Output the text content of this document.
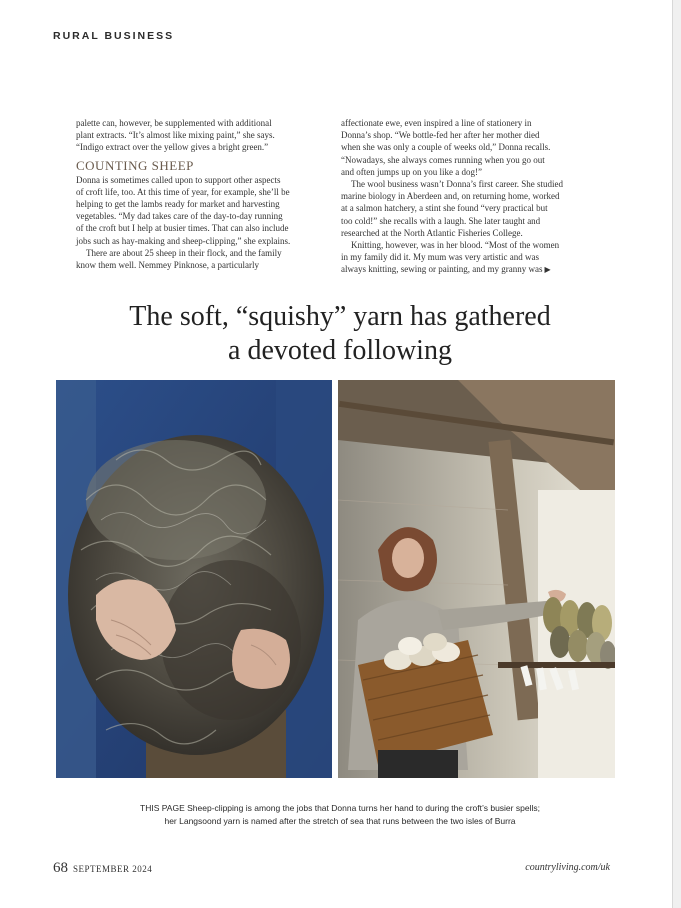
RURAL BUSINESS

palette can, however, be supplemented with additional
plant extracts. “It’s almost like mixing paint,” she says.
“Indigo extract over the yellow gives a bright green.”

COUNTING SHEEP

Donna is sometimes called upon to support other aspects
of croft life, too. At this time of year, for example, she’ll be
helping to get the lambs ready for market and harvesting
vegetables. “My dad takes care of the day-to-day running
of the croft but I help at busier times. That can also include
jobs such as hay-making and sheep-clipping,” she explains.

There are about 25 sheep in their flock, and the family
know them well. Nemmey Pinknose, a particularly

affectionate ewe, even inspired a line of stationery in
Donna’s shop. “We bottle-fed her after her mother died
when she was only a couple of weeks old,” Donna recalls.
“Nowadays, she always comes running when you go out
and often jumps up on you like a dog!”

The wool business wasn’t Donna’s first career. She studied
marine biology in Aberdeen and, on returning home, worked
at a salmon hatchery, a stint she found “very practical but
too cold!” she recalls with a laugh. She later taught and
researched at the North Atlantic Fisheries College.

Knitting, however, was in her blood. “Most of the women
in my family did it. My mum was very artistic and was
always knitting, sewing or painting, and my granny was ▶

The soft, “squishy” yarn has gathered
a devoted following
THIS PAGE Sheep-clipping is among the jobs that Donna turns her hand to during the croft’s busier spells;
her Langsoond yarn is named after the stretch of sea that runs between the two isles of Burra
68 SEPTEMBER 2024	countryliving.com/uk
